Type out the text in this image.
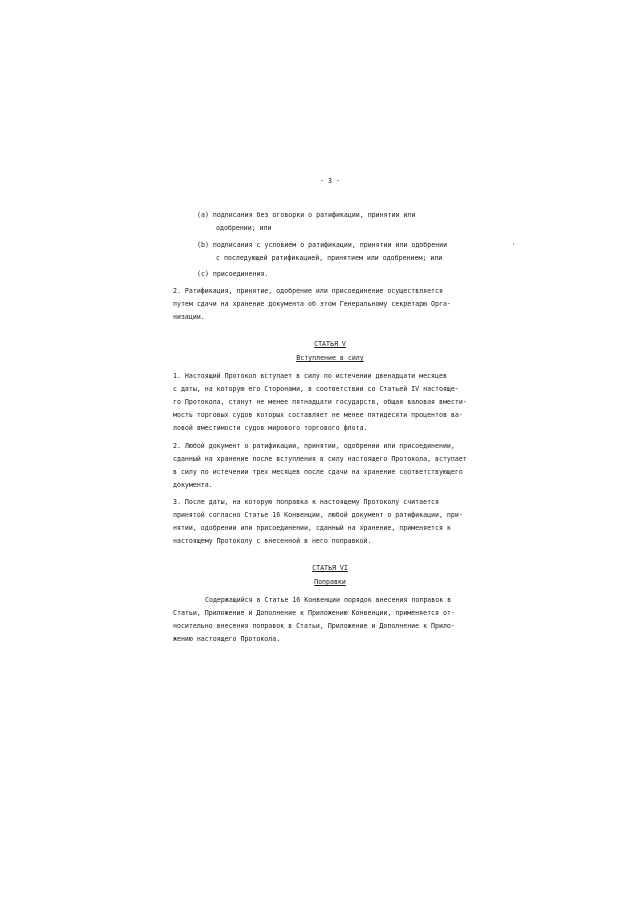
- 3 -
(a) подписания без оговорки о ратификации, принятии или
одобрении; или
(b) подписания с условием о ратификации, принятии или одобрении
с последующей ратификацией, принятием или одобрением; или
(c) присоединения.
2. Ратификация, принятие, одобрение или присоединение осуществляется
путем сдачи на хранение документа об этом Генеральному секретарю Орга-
низации.
СТАТЬЯ V
Вступление в силу
1. Настоящий Протокол вступает в силу по истечении двенадцати месяцев
с даты, на которую его Сторонами, в соответствии со Статьей IV настояще-
го Протокола, станут не менее пятнадцати государств, общая валовая вмести-
мость торговых судов которых составляет не менее пятидесяти процентов ва-
ловой вместимости судов мирового торгового флота.
2. Любой документ о ратификации, принятии, одобрении или присоединении,
сданный на хранение после вступления в силу настоящего Протокола, вступает
в силу по истечении трех месяцев после сдачи на хранение соответствующего
документа.
3. После даты, на которую поправка к настоящему Протоколу считается
принятой согласно Статье 16 Конвенции, любой документ о ратификации, при-
нятии, одобрении или присоединении, сданный на хранение, применяется к
настоящему Протоколу с внесенной в него поправкой.
СТАТЬЯ VI
Поправки
Содержащийся в Статье 16 Конвенции порядок внесения поправок в
Статьи, Приложение и Дополнение к Приложению Конвенции, применяется от-
носительно внесения поправок в Статьи, Приложение и Дополнение к Прило-
жению настоящего Протокола.
